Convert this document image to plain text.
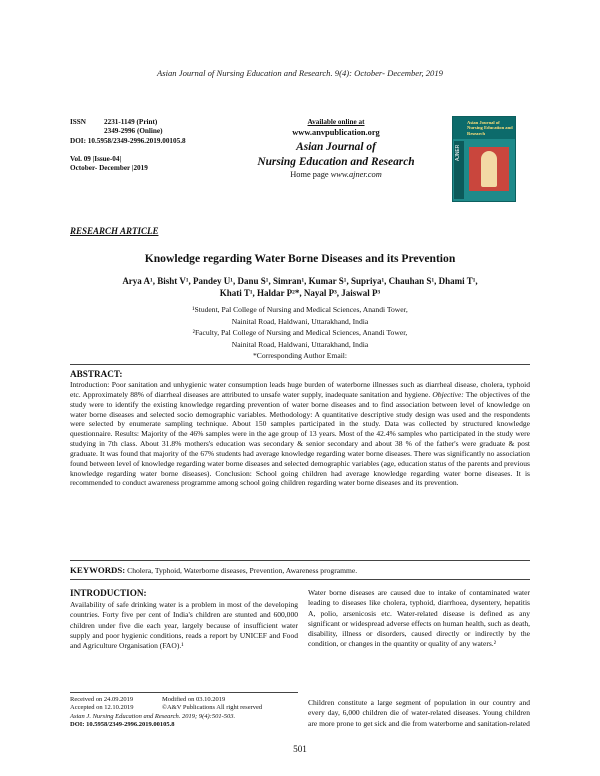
Asian Journal of Nursing Education and Research. 9(4): October- December, 2019
ISSN	2231-1149 (Print)
2349-2996 (Online)
DOI: 10.5958/2349-2996.2019.00105.8
Vol. 09 |Issue-04|
October- December |2019
Available online at
www.anvpublication.org
Asian Journal of
Nursing Education and Research
Home page www.ajner.com
Asian Journal of Nursing Education and Research
AJNER
RESEARCH ARTICLE
Knowledge regarding Water Borne Diseases and its Prevention
Arya A¹, Bisht V¹, Pandey U¹, Danu S¹, Simran¹, Kumar S¹, Supriya¹, Chauhan S¹, Dhami T¹,
Khati T¹, Haldar P²*, Nayal P³, Jaiswal P³
¹Student, Pal College of Nursing and Medical Sciences, Anandi Tower,
Nainital Road, Haldwani, Uttarakhand, India
²Faculty, Pal College of Nursing and Medical Sciences, Anandi Tower,
Nainital Road, Haldwani, Uttarakhand, India
*Corresponding Author Email:
ABSTRACT:
Introduction: Poor sanitation and unhygienic water consumption leads huge burden of waterborne illnesses such as diarrheal disease, cholera, typhoid etc. Approximately 88% of diarrheal diseases are attributed to unsafe water supply, inadequate sanitation and hygiene. Objective: The objectives of the study were to identify the existing knowledge regarding prevention of water borne diseases and to find association between level of knowledge on water borne diseases and selected socio demographic variables. Methodology: A quantitative descriptive study design was used and the respondents were selected by enumerate sampling technique. About 150 samples participated in the study. Data was collected by structured knowledge questionnaire. Results: Majority of the 46% samples were in the age group of 13 years. Most of the 42.4% samples who participated in the study were studying in 7th class. About 31.8% mothers's education was secondary & senior secondary and about 38 % of the father's were graduate & post graduate. It was found that majority of the 67% students had average knowledge regarding water borne diseases. There was significantly no association found between level of knowledge regarding water borne diseases and selected demographic variables (age, education status of the parents and previous knowledge regarding water borne diseases). Conclusion: School going children had average knowledge regarding water borne diseases. It is recommended to conduct awareness programme among school going children regarding water borne diseases and its prevention.
KEYWORDS: Cholera, Typhoid, Waterborne diseases, Prevention, Awareness programme.
INTRODUCTION:
Availability of safe drinking water is a problem in most of the developing countries. Forty five per cent of India's children are stunted and 600,000 children under five die each year, largely because of insufficient water supply and poor hygienic conditions, reads a report by UNICEF and Food and Agriculture Organisation (FAO).¹
Water borne diseases are caused due to intake of contaminated water leading to diseases like cholera, typhoid, diarrhoea, dysentery, hepatitis A, polio, arsenicosis etc. Water-related disease is defined as any significant or widespread adverse effects on human health, such as death, disability, illness or disorders, caused directly or indirectly by the condition, or changes in the quantity or quality of any waters.²
Children constitute a large segment of population in our country and every day, 6,000 children die of water-related diseases. Young children are more prone to get sick and die from waterborne and sanitation-related
Received on 24.09.2019	Modified on 03.10.2019
Accepted on 12.10.2019	©A&V Publications All right reserved
Asian J. Nursing Education and Research. 2019; 9(4):501-503.
DOI: 10.5958/2349-2996.2019.00105.8
501
